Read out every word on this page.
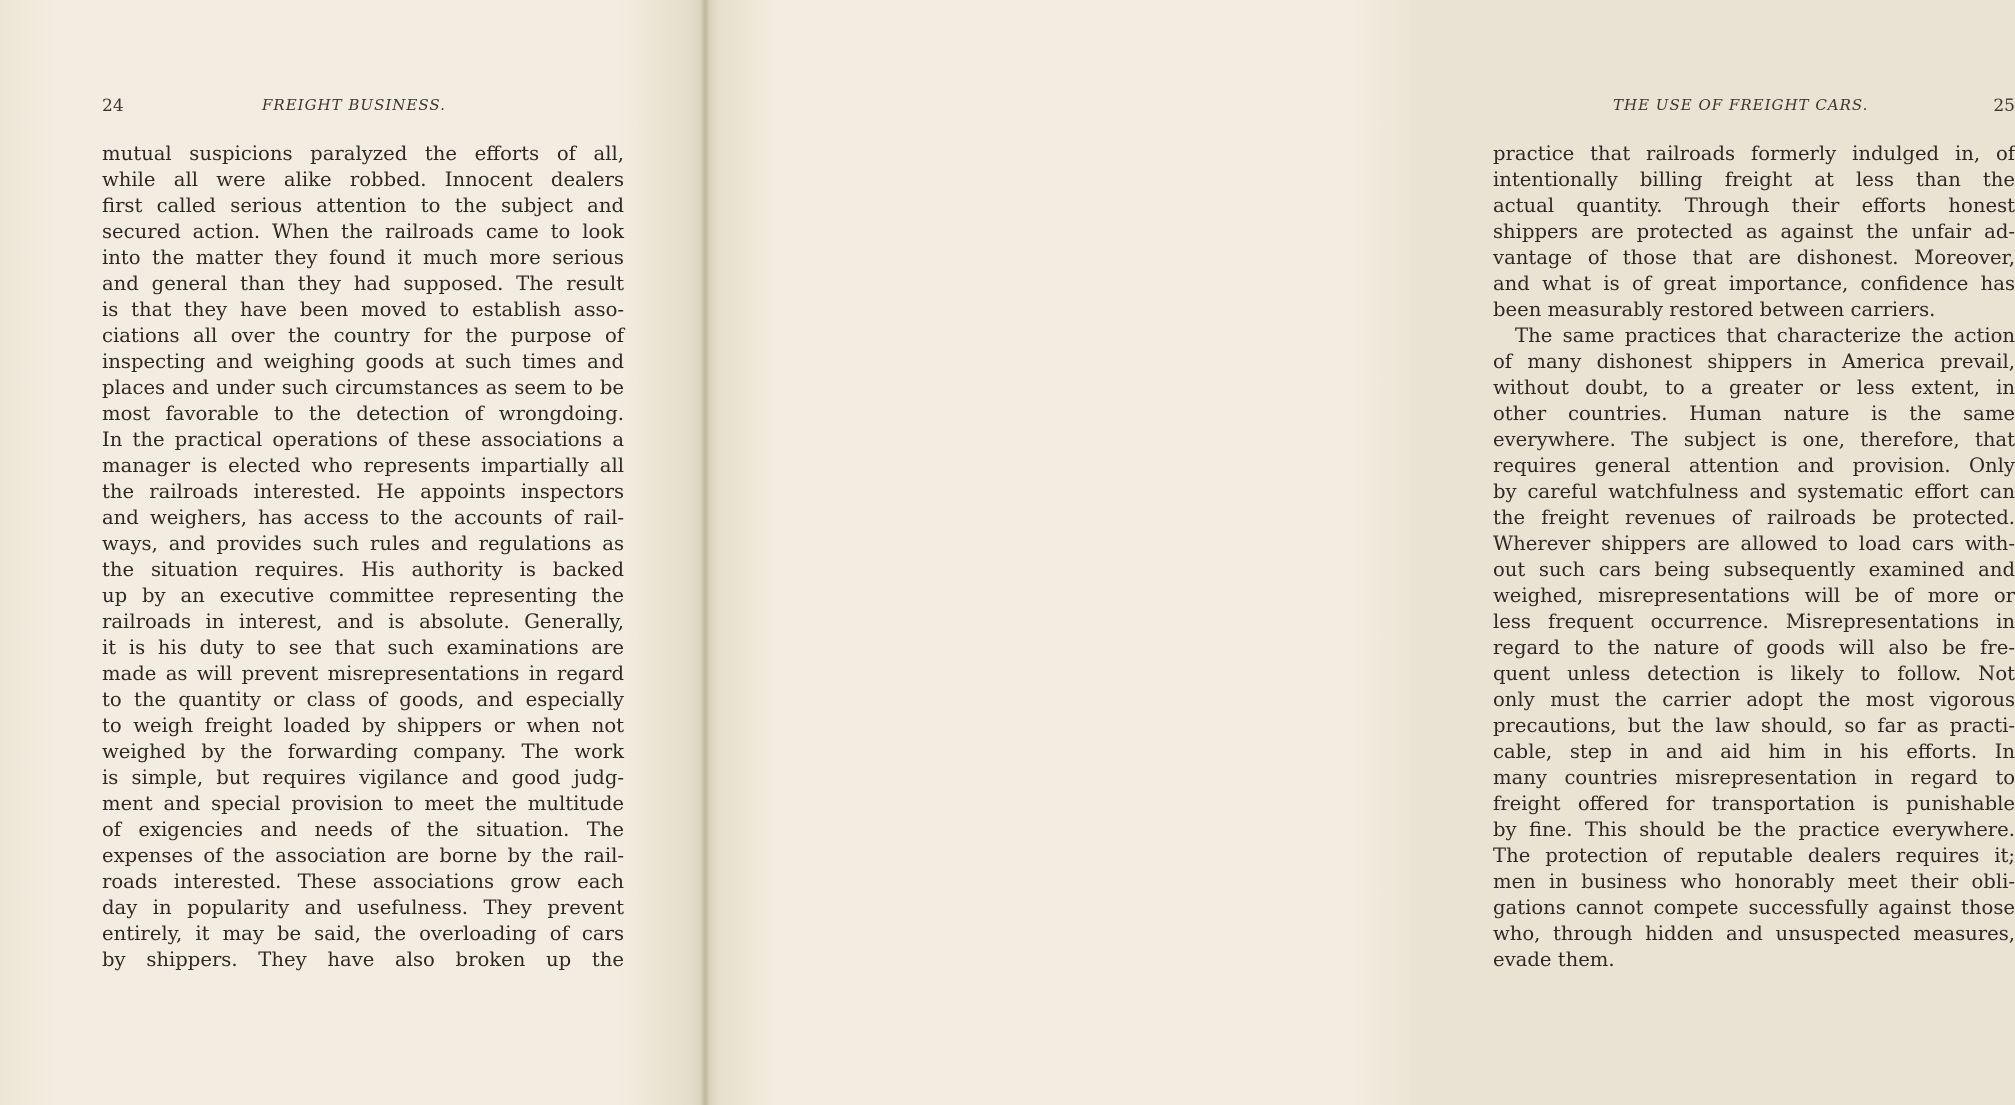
24	FREIGHT BUSINESS.
mutual suspicions paralyzed the efforts of all,
while all were alike robbed. Innocent dealers
first called serious attention to the subject and
secured action. When the railroads came to look
into the matter they found it much more serious
and general than they had supposed. The result
is that they have been moved to establish asso-
ciations all over the country for the purpose of
inspecting and weighing goods at such times and
places and under such circumstances as seem to be
most favorable to the detection of wrongdoing.
In the practical operations of these associations a
manager is elected who represents impartially all
the railroads interested. He appoints inspectors
and weighers, has access to the accounts of rail-
ways, and provides such rules and regulations as
the situation requires. His authority is backed
up by an executive committee representing the
railroads in interest, and is absolute. Generally,
it is his duty to see that such examinations are
made as will prevent misrepresentations in regard
to the quantity or class of goods, and especially
to weigh freight loaded by shippers or when not
weighed by the forwarding company. The work
is simple, but requires vigilance and good judg-
ment and special provision to meet the multitude
of exigencies and needs of the situation. The
expenses of the association are borne by the rail-
roads interested. These associations grow each
day in popularity and usefulness. They prevent
entirely, it may be said, the overloading of cars
by shippers. They have also broken up the
THE USE OF FREIGHT CARS.	25
practice that railroads formerly indulged in, of
intentionally billing freight at less than the
actual quantity. Through their efforts honest
shippers are protected as against the unfair ad-
vantage of those that are dishonest. Moreover,
and what is of great importance, confidence has
been measurably restored between carriers.
The same practices that characterize the action
of many dishonest shippers in America prevail,
without doubt, to a greater or less extent, in
other countries. Human nature is the same
everywhere. The subject is one, therefore, that
requires general attention and provision. Only
by careful watchfulness and systematic effort can
the freight revenues of railroads be protected.
Wherever shippers are allowed to load cars with-
out such cars being subsequently examined and
weighed, misrepresentations will be of more or
less frequent occurrence. Misrepresentations in
regard to the nature of goods will also be fre-
quent unless detection is likely to follow. Not
only must the carrier adopt the most vigorous
precautions, but the law should, so far as practi-
cable, step in and aid him in his efforts. In
many countries misrepresentation in regard to
freight offered for transportation is punishable
by fine. This should be the practice everywhere.
The protection of reputable dealers requires it;
men in business who honorably meet their obli-
gations cannot compete successfully against those
who, through hidden and unsuspected measures,
evade them.
